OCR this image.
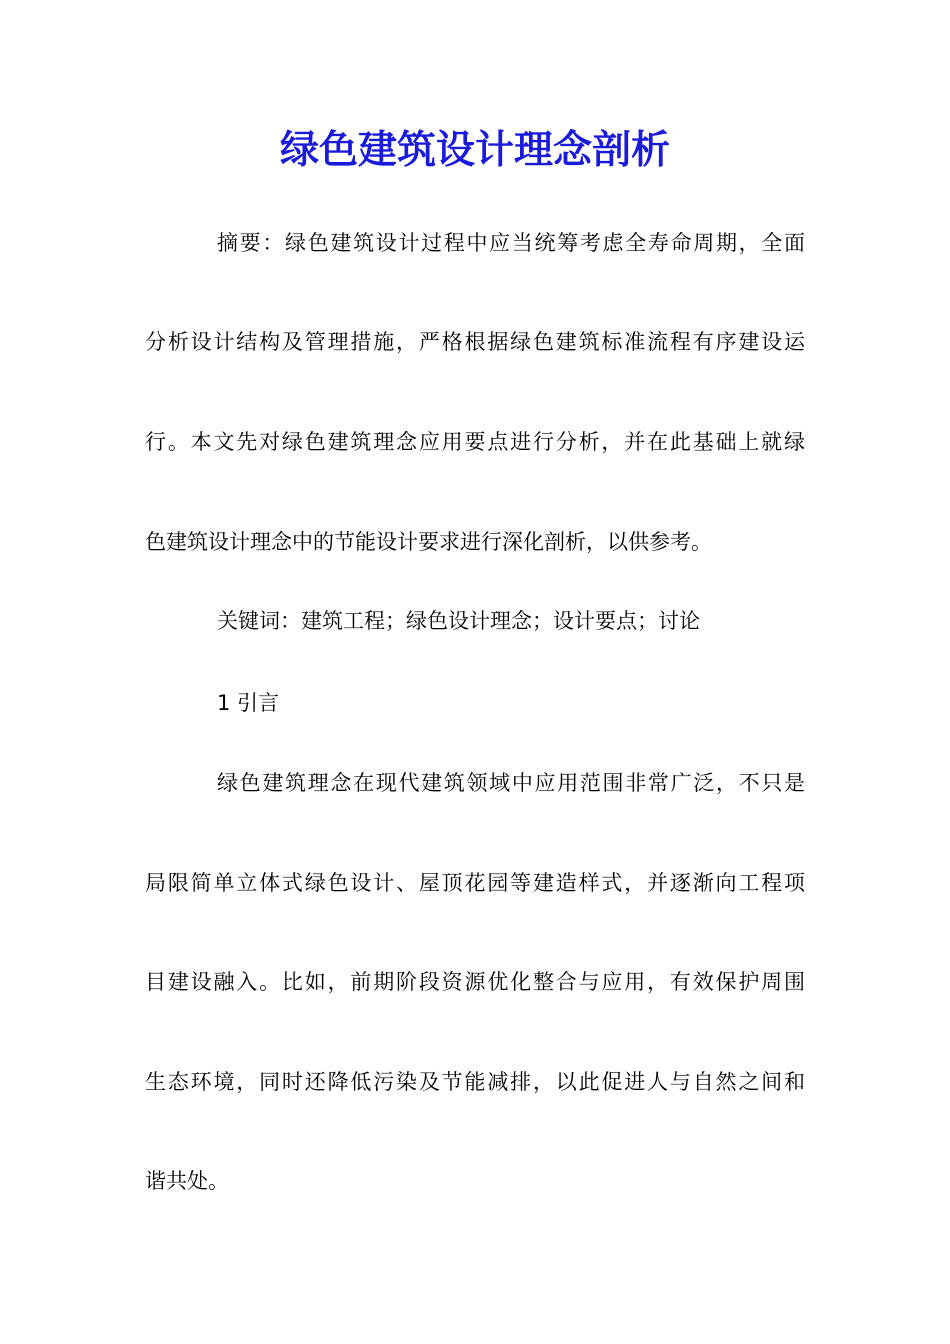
绿色建筑设计理念剖析

摘要：绿色建筑设计过程中应当统筹考虑全寿命周期，全面

分析设计结构及管理措施，严格根据绿色建筑标准流程有序建设运

行。本文先对绿色建筑理念应用要点进行分析，并在此基础上就绿

色建筑设计理念中的节能设计要求进行深化剖析，以供参考。

关键词：建筑工程；绿色设计理念；设计要点；讨论

1 引言

绿色建筑理念在现代建筑领域中应用范围非常广泛，不只是

局限简单立体式绿色设计、屋顶花园等建造样式，并逐渐向工程项

目建设融入。比如，前期阶段资源优化整合与应用，有效保护周围

生态环境，同时还降低污染及节能减排，以此促进人与自然之间和

谐共处。
